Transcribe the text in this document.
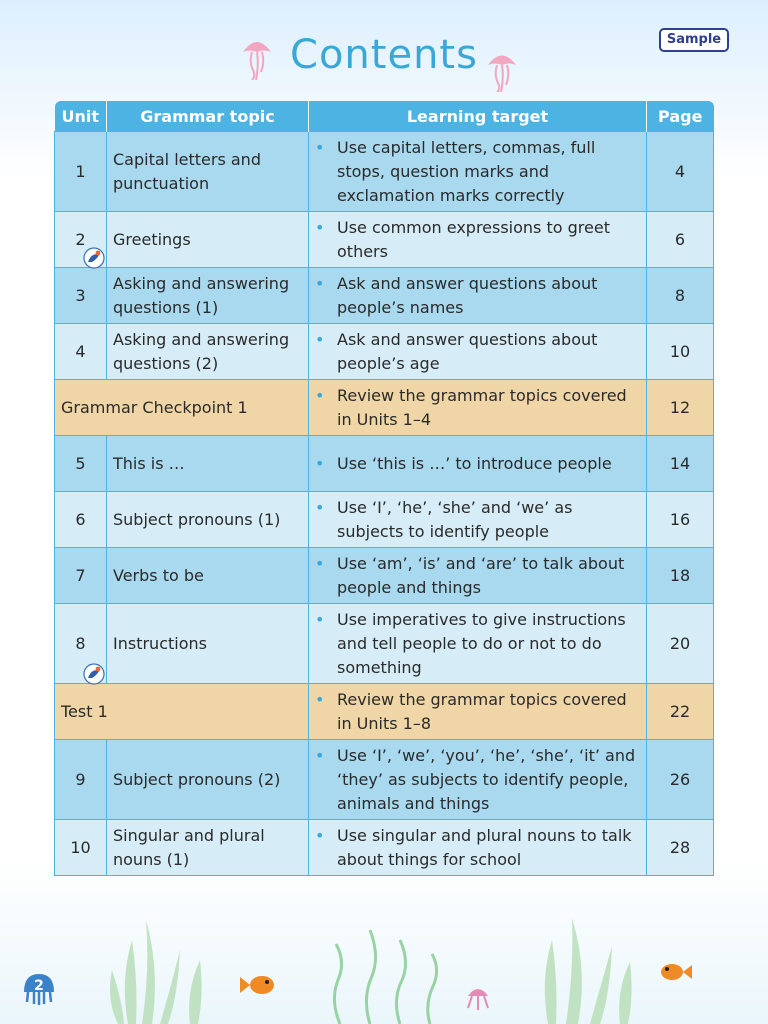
Sample
Contents
Unit	Grammar topic	Learning target	Page
1	Capital letters and punctuation	• Use capital letters, commas, full stops, question marks and exclamation marks correctly	4
2	Greetings	• Use common expressions to greet others	6
3	Asking and answering questions (1)	• Ask and answer questions about people’s names	8
4	Asking and answering questions (2)	• Ask and answer questions about people’s age	10
Grammar Checkpoint 1		• Review the grammar topics covered in Units 1–4	12
5	This is …	• Use ‘this is …’ to introduce people	14
6	Subject pronouns (1)	• Use ‘I’, ‘he’, ‘she’ and ‘we’ as subjects to identify people	16
7	Verbs to be	• Use ‘am’, ‘is’ and ‘are’ to talk about people and things	18
8	Instructions	• Use imperatives to give instructions and tell people to do or not to do something	20
Test 1		• Review the grammar topics covered in Units 1–8	22
9	Subject pronouns (2)	• Use ‘I’, ‘we’, ‘you’, ‘he’, ‘she’, ‘it’ and ‘they’ as subjects to identify people, animals and things	26
10	Singular and plural nouns (1)	• Use singular and plural nouns to talk about things for school	28
2
